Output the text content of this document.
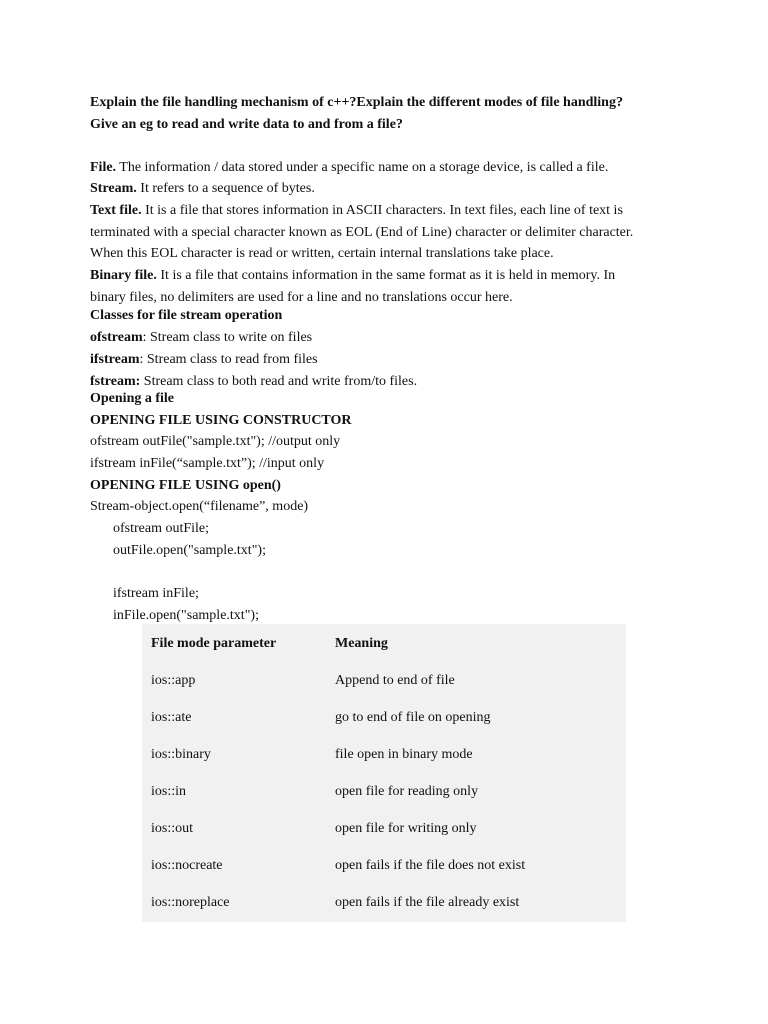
Explain the file handling mechanism of c++?Explain the different modes of file handling?
Give an eg to read and write data to and from a file?
File. The information / data stored under a specific name on a storage device, is called a file.
Stream. It refers to a sequence of bytes.
Text file. It is a file that stores information in ASCII characters. In text files, each line of text is
terminated with a special character known as EOL (End of Line) character or delimiter character.
When this EOL character is read or written, certain internal translations take place.
Binary file. It is a file that contains information in the same format as it is held in memory. In
binary files, no delimiters are used for a line and no translations occur here.
Classes for file stream operation
ofstream: Stream class to write on files
ifstream: Stream class to read from files
fstream: Stream class to both read and write from/to files.
Opening a file
OPENING FILE USING CONSTRUCTOR
ofstream outFile("sample.txt"); //output only
ifstream inFile(“sample.txt”); //input only
OPENING FILE USING open()
Stream-object.open(“filename”, mode)
ofstream outFile;
outFile.open("sample.txt");
ifstream inFile;
inFile.open("sample.txt");
File mode parameter	Meaning
ios::app	Append to end of file
ios::ate	go to end of file on opening
ios::binary	file open in binary mode
ios::in	open file for reading only
ios::out	open file for writing only
ios::nocreate	open fails if the file does not exist
ios::noreplace	open fails if the file already exist
